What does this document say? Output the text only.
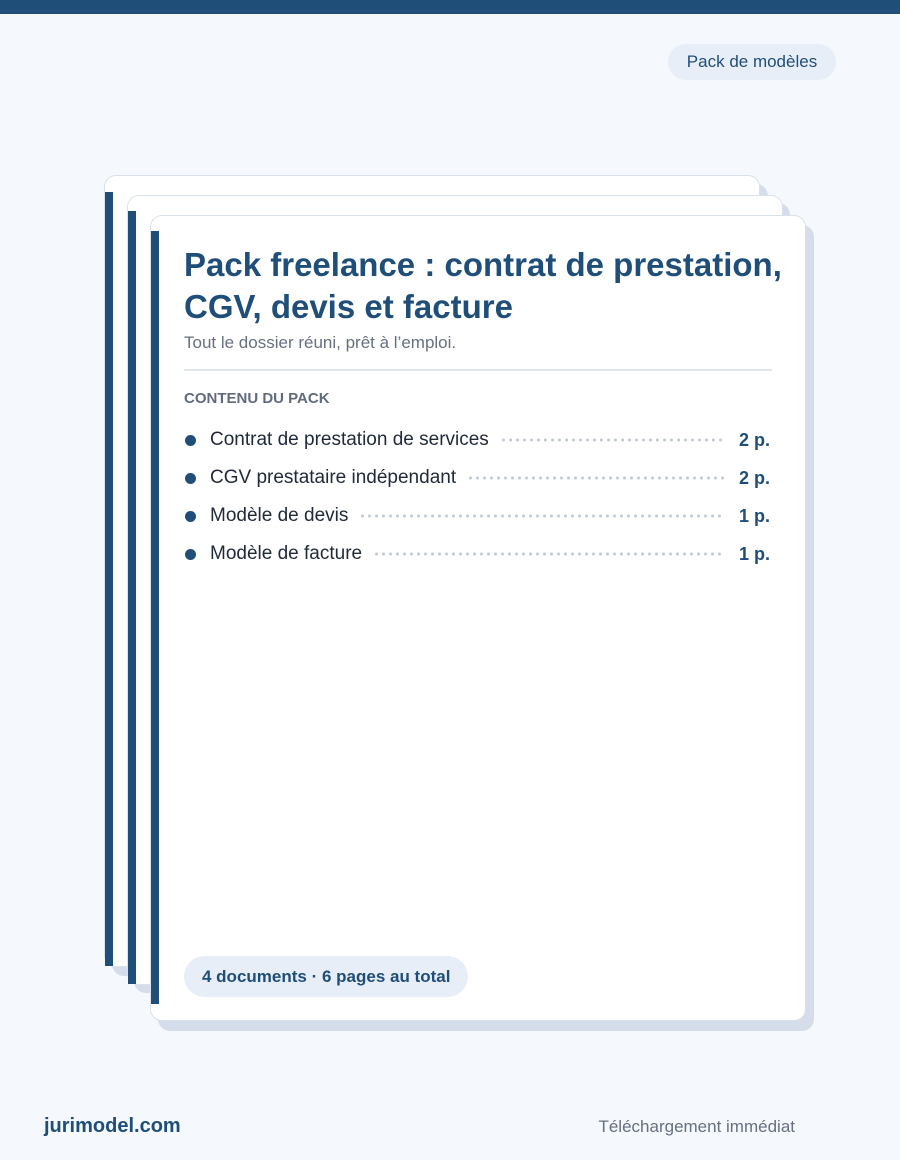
Pack de modèles
Pack freelance : contrat de prestation, CGV, devis et facture
Tout le dossier réuni, prêt à l’emploi.
CONTENU DU PACK
Contrat de prestation de services	2 p.
CGV prestataire indépendant	2 p.
Modèle de devis	1 p.
Modèle de facture	1 p.
4 documents · 6 pages au total
jurimodel.com	Téléchargement immédiat
